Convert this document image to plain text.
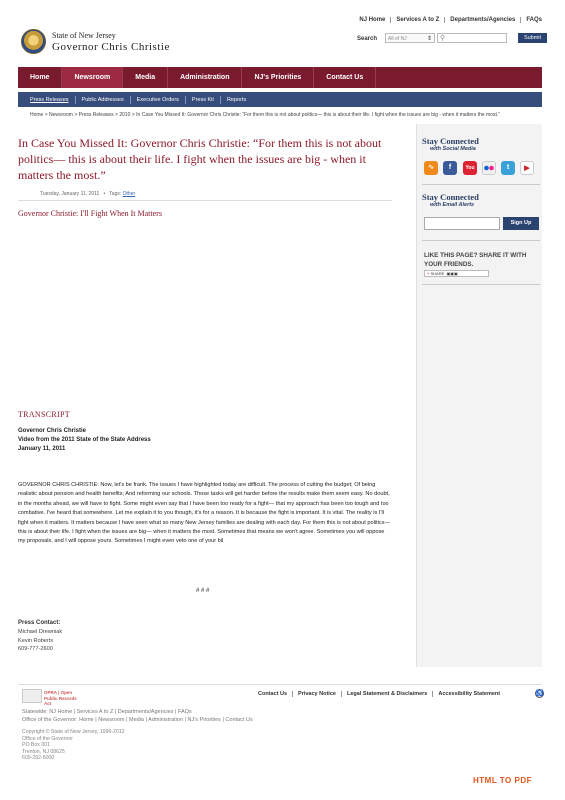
NJ Home	Services A to Z	Departments/Agencies	FAQs
State of New Jersey
Governor Chris Christie
Search	All of NJ	⇕ ⚲	Submit
Home	Newsroom	Media	Administration	NJ's Priorities	Contact Us
Press Releases	Public Addresses	Executive Orders	Press Kit	Reports
Home > Newsroom > Press Releases > 2010 > In Case You Missed It: Governor Chris Christie: “For them this is not about politics— this is about their life. I fight when the issues are big - when it matters the most.”
In Case You Missed It: Governor Chris Christie: “For them this is not about politics— this is about their life. I fight when the issues are big - when it matters the most.”
Tuesday, January 11, 2011   •   Tags: Other
Governor Christie: I'll Fight When It Matters
TRANSCRIPT
Governor Chris Christie
Video from the 2011 State of the State Address
January 11, 2011
GOVERNOR CHRIS CHRISTIE: Now, let's be frank. The issues I have highlighted today are difficult. The process of cutting the budget; Of being realistic about pension and health benefits; And reforming our schools. Those tasks will get harder before the results make them seem easy. No doubt, in the months ahead, we will have to fight. Some might even say that I have been too ready for a fight— that my approach has been too tough and too combative. I've heard that somewhere. Let me explain it to you though, it's for a reason. It is because the fight is important. It is vital. The reality is I'll fight when it matters. It matters because I have seen what so many New Jersey families are dealing with each day. For them this is not about politics— this is about their life. I fight when the issues are big— when it matters the most. Sometimes that means we won't agree. Sometimes you will oppose my proposals, and I will oppose yours. Sometimes I might even veto one of your bil
# # #
Press Contact:
Michael Drewniak
Kevin Roberts
609-777-2600
Stay Connected
with Social Media
∿	f	You	t	▶
Stay Connected
with Email Alerts
Sign Up
LIKE THIS PAGE? SHARE IT WITH YOUR FRIENDS.
+ SHARE  ▣▣▣
OPRA | Open
Public Records Act
Contact Us	Privacy Notice	Legal Statement & Disclaimers	Accessibility Statement	♿
Statewide: NJ Home | Services A to Z | Departments/Agencies | FAQs
Office of the Governor: Home | Newsroom | Media | Administration | NJ's Priorities | Contact Us
Copyright © State of New Jersey, 1996-2012
Office of the Governor
PO Box 001
Trenton, NJ 08625
609-292-6000
HTML TO PDF
